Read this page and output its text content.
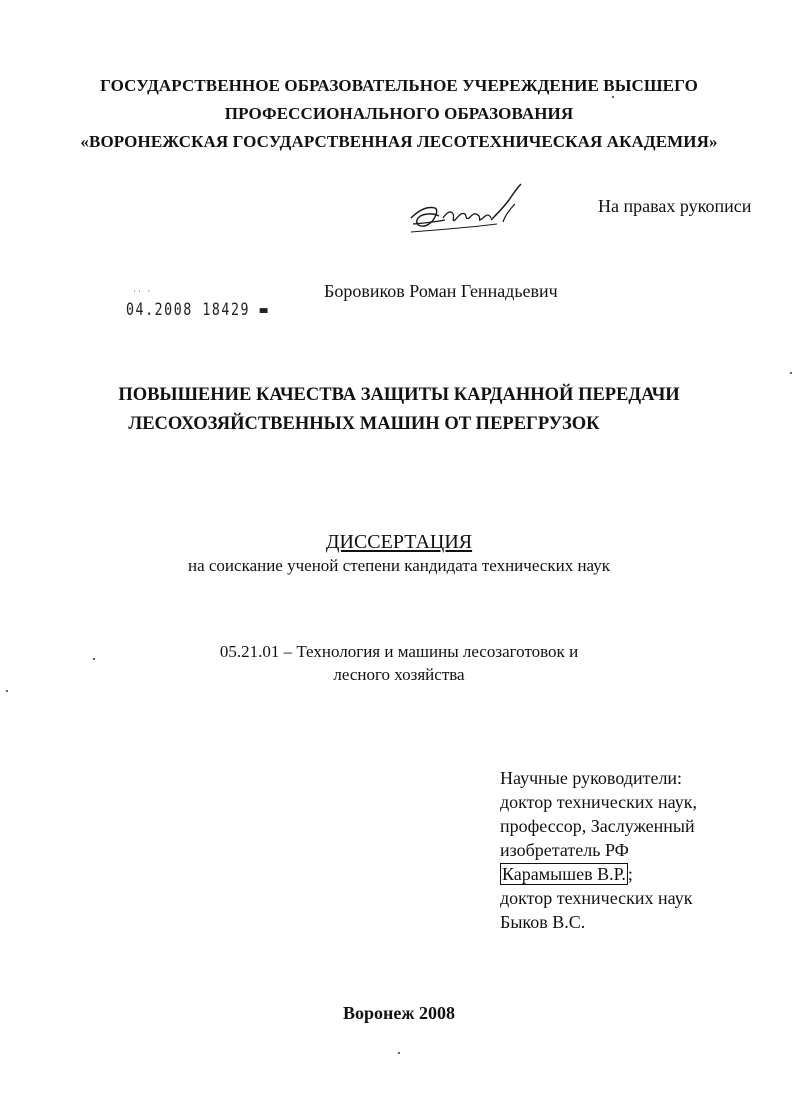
ГОСУДАРСТВЕННОЕ ОБРАЗОВАТЕЛЬНОЕ УЧЕРЕЖДЕНИЕ ВЫСШЕГО
ПРОФЕССИОНАЛЬНОГО ОБРАЗОВАНИЯ
«ВОРОНЕЖСКАЯ ГОСУДАРСТВЕННАЯ ЛЕСОТЕХНИЧЕСКАЯ АКАДЕМИЯ»
На правах рукописи
Боровиков Роман Геннадьевич
˙˙ ˙
04.2008 18429 ▬
ПОВЫШЕНИЕ КАЧЕСТВА ЗАЩИТЫ КАРДАННОЙ ПЕРЕДАЧИ
ЛЕСОХОЗЯЙСТВЕННЫХ МАШИН ОТ ПЕРЕГРУЗОК
ДИССЕРТАЦИЯ
на соискание ученой степени кандидата технических наук
05.21.01 – Технология и машины лесозаготовок и
лесного хозяйства
Научные руководители:
доктор технических наук,
профессор, Заслуженный
изобретатель РФ
Карамышев В.Р. ;
доктор технических наук
Быков В.С.
Воронеж 2008
